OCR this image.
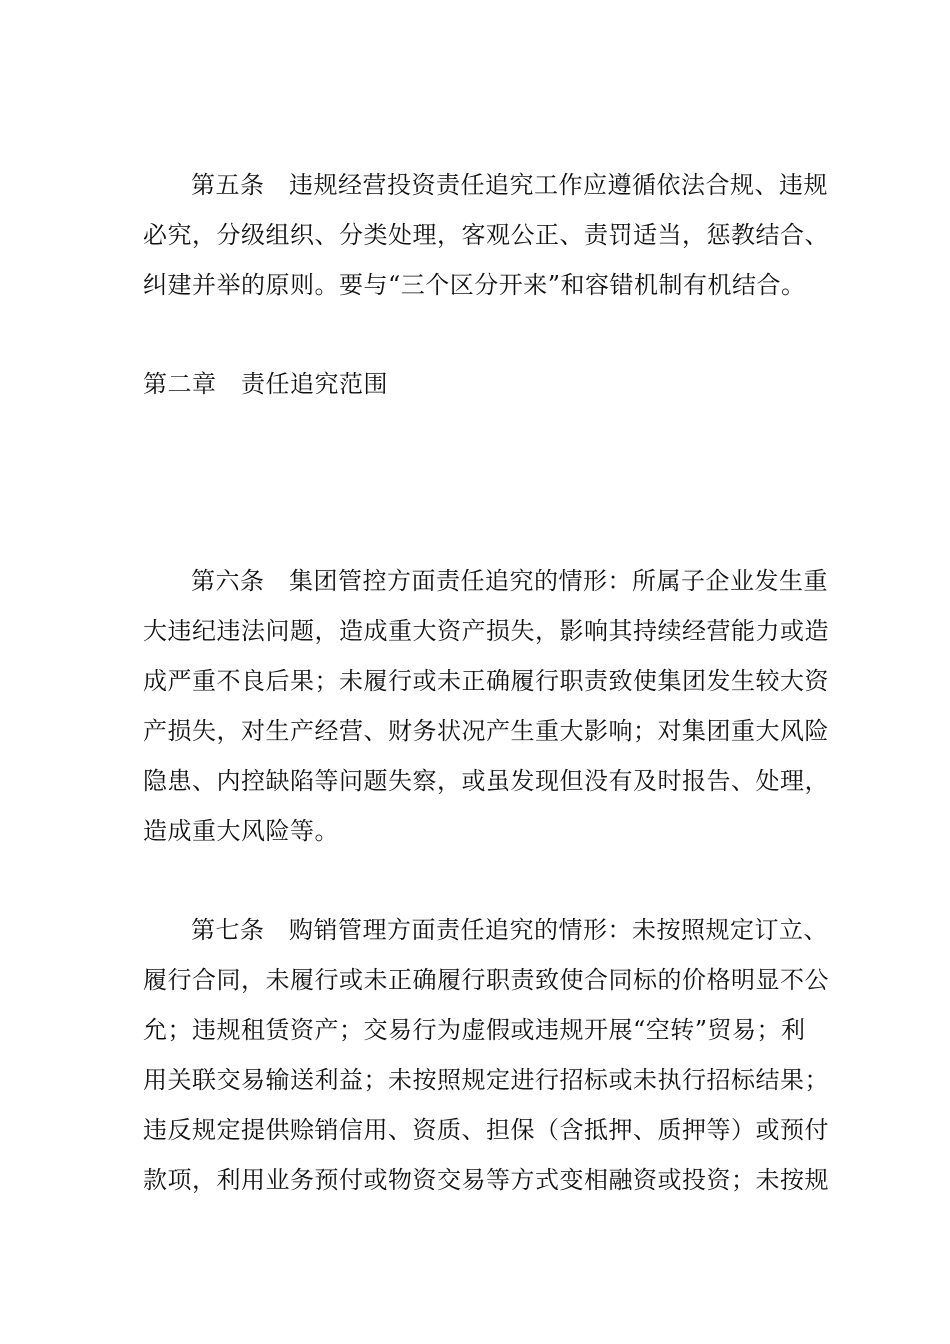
第五条　违规经营投资责任追究工作应遵循依法合规、违规
必究，分级组织、分类处理，客观公正、责罚适当，惩教结合、
纠建并举的原则。要与“三个区分开来”和容错机制有机结合。
第二章　责任追究范围
第六条　集团管控方面责任追究的情形：所属子企业发生重
大违纪违法问题，造成重大资产损失，影响其持续经营能力或造
成严重不良后果；未履行或未正确履行职责致使集团发生较大资
产损失，对生产经营、财务状况产生重大影响；对集团重大风险
隐患、内控缺陷等问题失察，或虽发现但没有及时报告、处理，
造成重大风险等。
第七条　购销管理方面责任追究的情形：未按照规定订立、
履行合同，未履行或未正确履行职责致使合同标的价格明显不公
允；违规租赁资产；交易行为虚假或违规开展“空转”贸易；利
用关联交易输送利益；未按照规定进行招标或未执行招标结果；
违反规定提供赊销信用、资质、担保（含抵押、质押等）或预付
款项，利用业务预付或物资交易等方式变相融资或投资；未按规
